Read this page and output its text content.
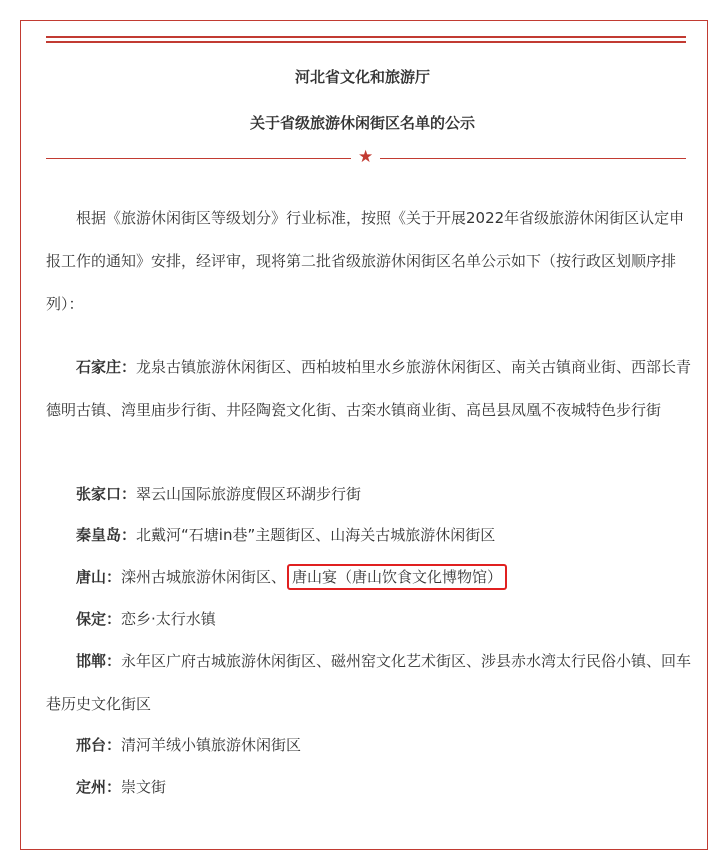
河北省文化和旅游厅
关于省级旅游休闲街区名单的公示
★
根据《旅游休闲街区等级划分》行业标准，按照《关于开展2022年省级旅游休闲街区认定申报工作的通知》安排，经评审，现将第二批省级旅游休闲街区名单公示如下（按行政区划顺序排列）：
石家庄：龙泉古镇旅游休闲街区、西柏坡柏里水乡旅游休闲街区、南关古镇商业街、西部长青德明古镇、湾里庙步行街、井陉陶瓷文化街、古栾水镇商业街、高邑县凤凰不夜城特色步行街
张家口：翠云山国际旅游度假区环湖步行街
秦皇岛：北戴河“石塘in巷”主题街区、山海关古城旅游休闲街区
唐山：滦州古城旅游休闲街区、 唐山宴（唐山饮食文化博物馆）
保定：恋乡·太行水镇
邯郸：永年区广府古城旅游休闲街区、磁州窑文化艺术街区、涉县赤水湾太行民俗小镇、回车巷历史文化街区
邢台：清河羊绒小镇旅游休闲街区
定州：崇文街
